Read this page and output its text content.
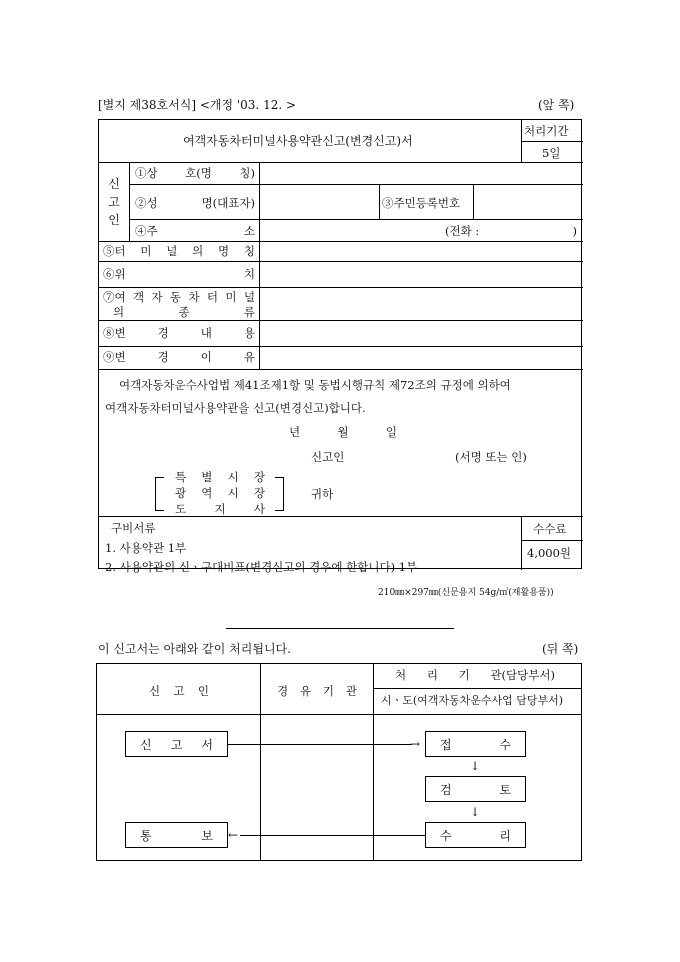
[별지 제38호서식] <개정 '03. 12. >	(앞 쪽)
여객자동차터미널사용약관신고(변경신고)서
처리기간
5일
신
고
인
①상 호(명 칭)
②성	명(대표자)	③주민등록번호
④주	소	(전화 :	)
⑤터 미 널 의 명 칭
⑥위	치
⑦여 객 자 동 차 터 미 널
의	종	류
⑧변	경	내	용
⑨변	경	이	유
여객자동차운수사업법 제41조제1항 및 동법시행규칙 제72조의 규정에 의하여
여객자동차터미널사용약관을 신고(변경신고)합니다.
년	월	일
신고인	(서명 또는 인)
특 별 시 장
광 역 시 장
도 지 사
귀하
구비서류
1. 사용약관 1부
2. 사용약관의 신ㆍ구대비표(변경신고의 경우에 한합니다) 1부
수수료
4,000원
210㎜×297㎜(신문용지 54g/㎡(재활용품))
이 신고서는 아래와 같이 처리됩니다.	(뒤 쪽)
신 고 인	경 유 기 관
처 리 기 관(담당부서)
시ㆍ도(여객자동차운수사업 담당부서)
신 고 서	→ 접	수
↓
검	토
↓
수	리
←
통	보
